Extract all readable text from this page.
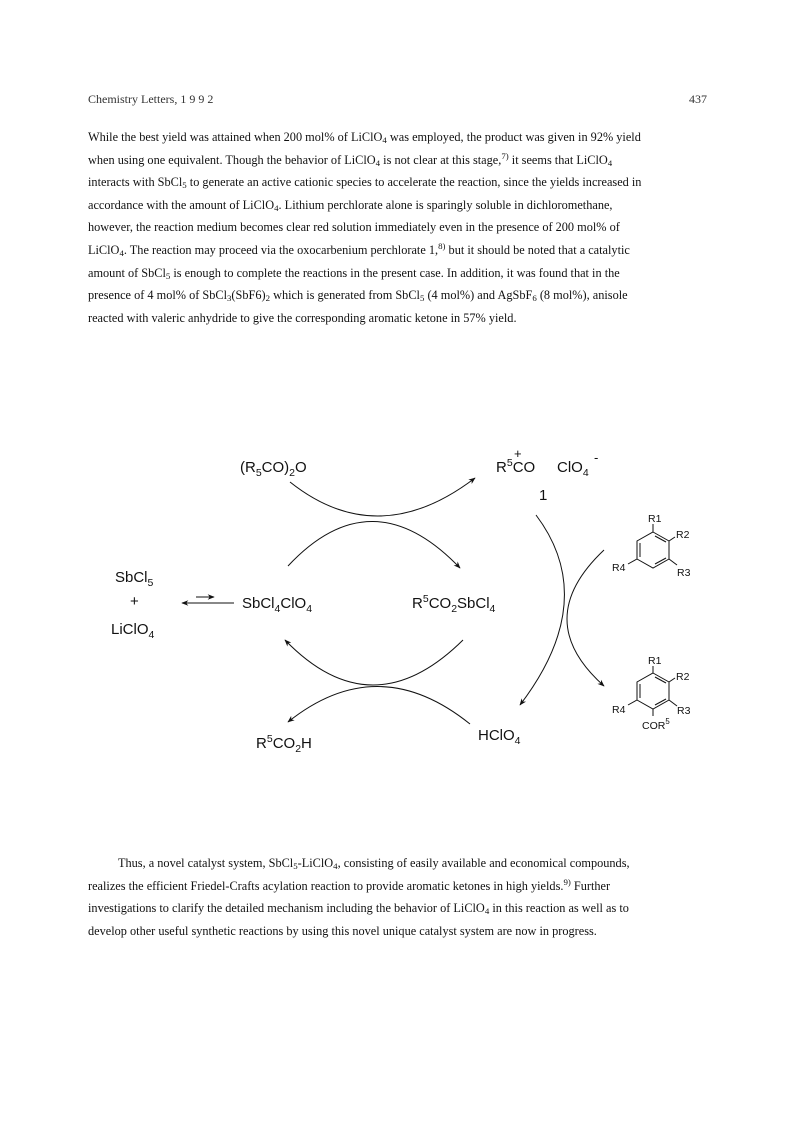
Chemistry Letters, 1 9 9 2	437

While the best yield was attained when 200 mol% of LiClO$_4$ was employed, the product was given in 92% yield
when using one equivalent. Though the behavior of LiClO$_4$ is not clear at this stage,$^{7)}$ it seems that LiClO$_4$
interacts with SbCl$_5$ to generate an active cationic species to accelerate the reaction, since the yields increased in
accordance with the amount of LiClO$_4$. Lithium perchlorate alone is sparingly soluble in dichloromethane,
however, the reaction medium becomes clear red solution immediately even in the presence of 200 mol% of
LiClO$_4$. The reaction may proceed via the oxocarbenium perchlorate 1,$^{8)}$ but it should be noted that a catalytic
amount of SbCl$_5$ is enough to complete the reactions in the present case. In addition, it was found that in the
presence of 4 mol% of $SbCl_3(SbF6)_2$ which is generated from SbCl$_5$ (4 mol%) and AgSbF$_6$ (8 mol%), anisole
reacted with valeric anhydride to give the corresponding aromatic ketone in 57% yield.

$(R_5CO)_2O$
+
$R^5CO$ ClO$_4$
-
1
SbCl$_5$
+
LiClO$_4$
SbCl$_4$ClO$_4$	$R^5CO_2SbCl_4$
$R^5CO_2H$	HClO$_4$
R1
R2
R3
R4
R1
R2
R3
R4
COR$^5$

Thus, a novel catalyst system, SbCl$_5$-LiClO$_4$, consisting of easily available and economical compounds,
realizes the efficient Friedel-Crafts acylation reaction to provide aromatic ketones in high yields.$^{9)}$ Further
investigations to clarify the detailed mechanism including the behavior of LiClO$_4$ in this reaction as well as to
develop other useful synthetic reactions by using this novel unique catalyst system are now in progress.
